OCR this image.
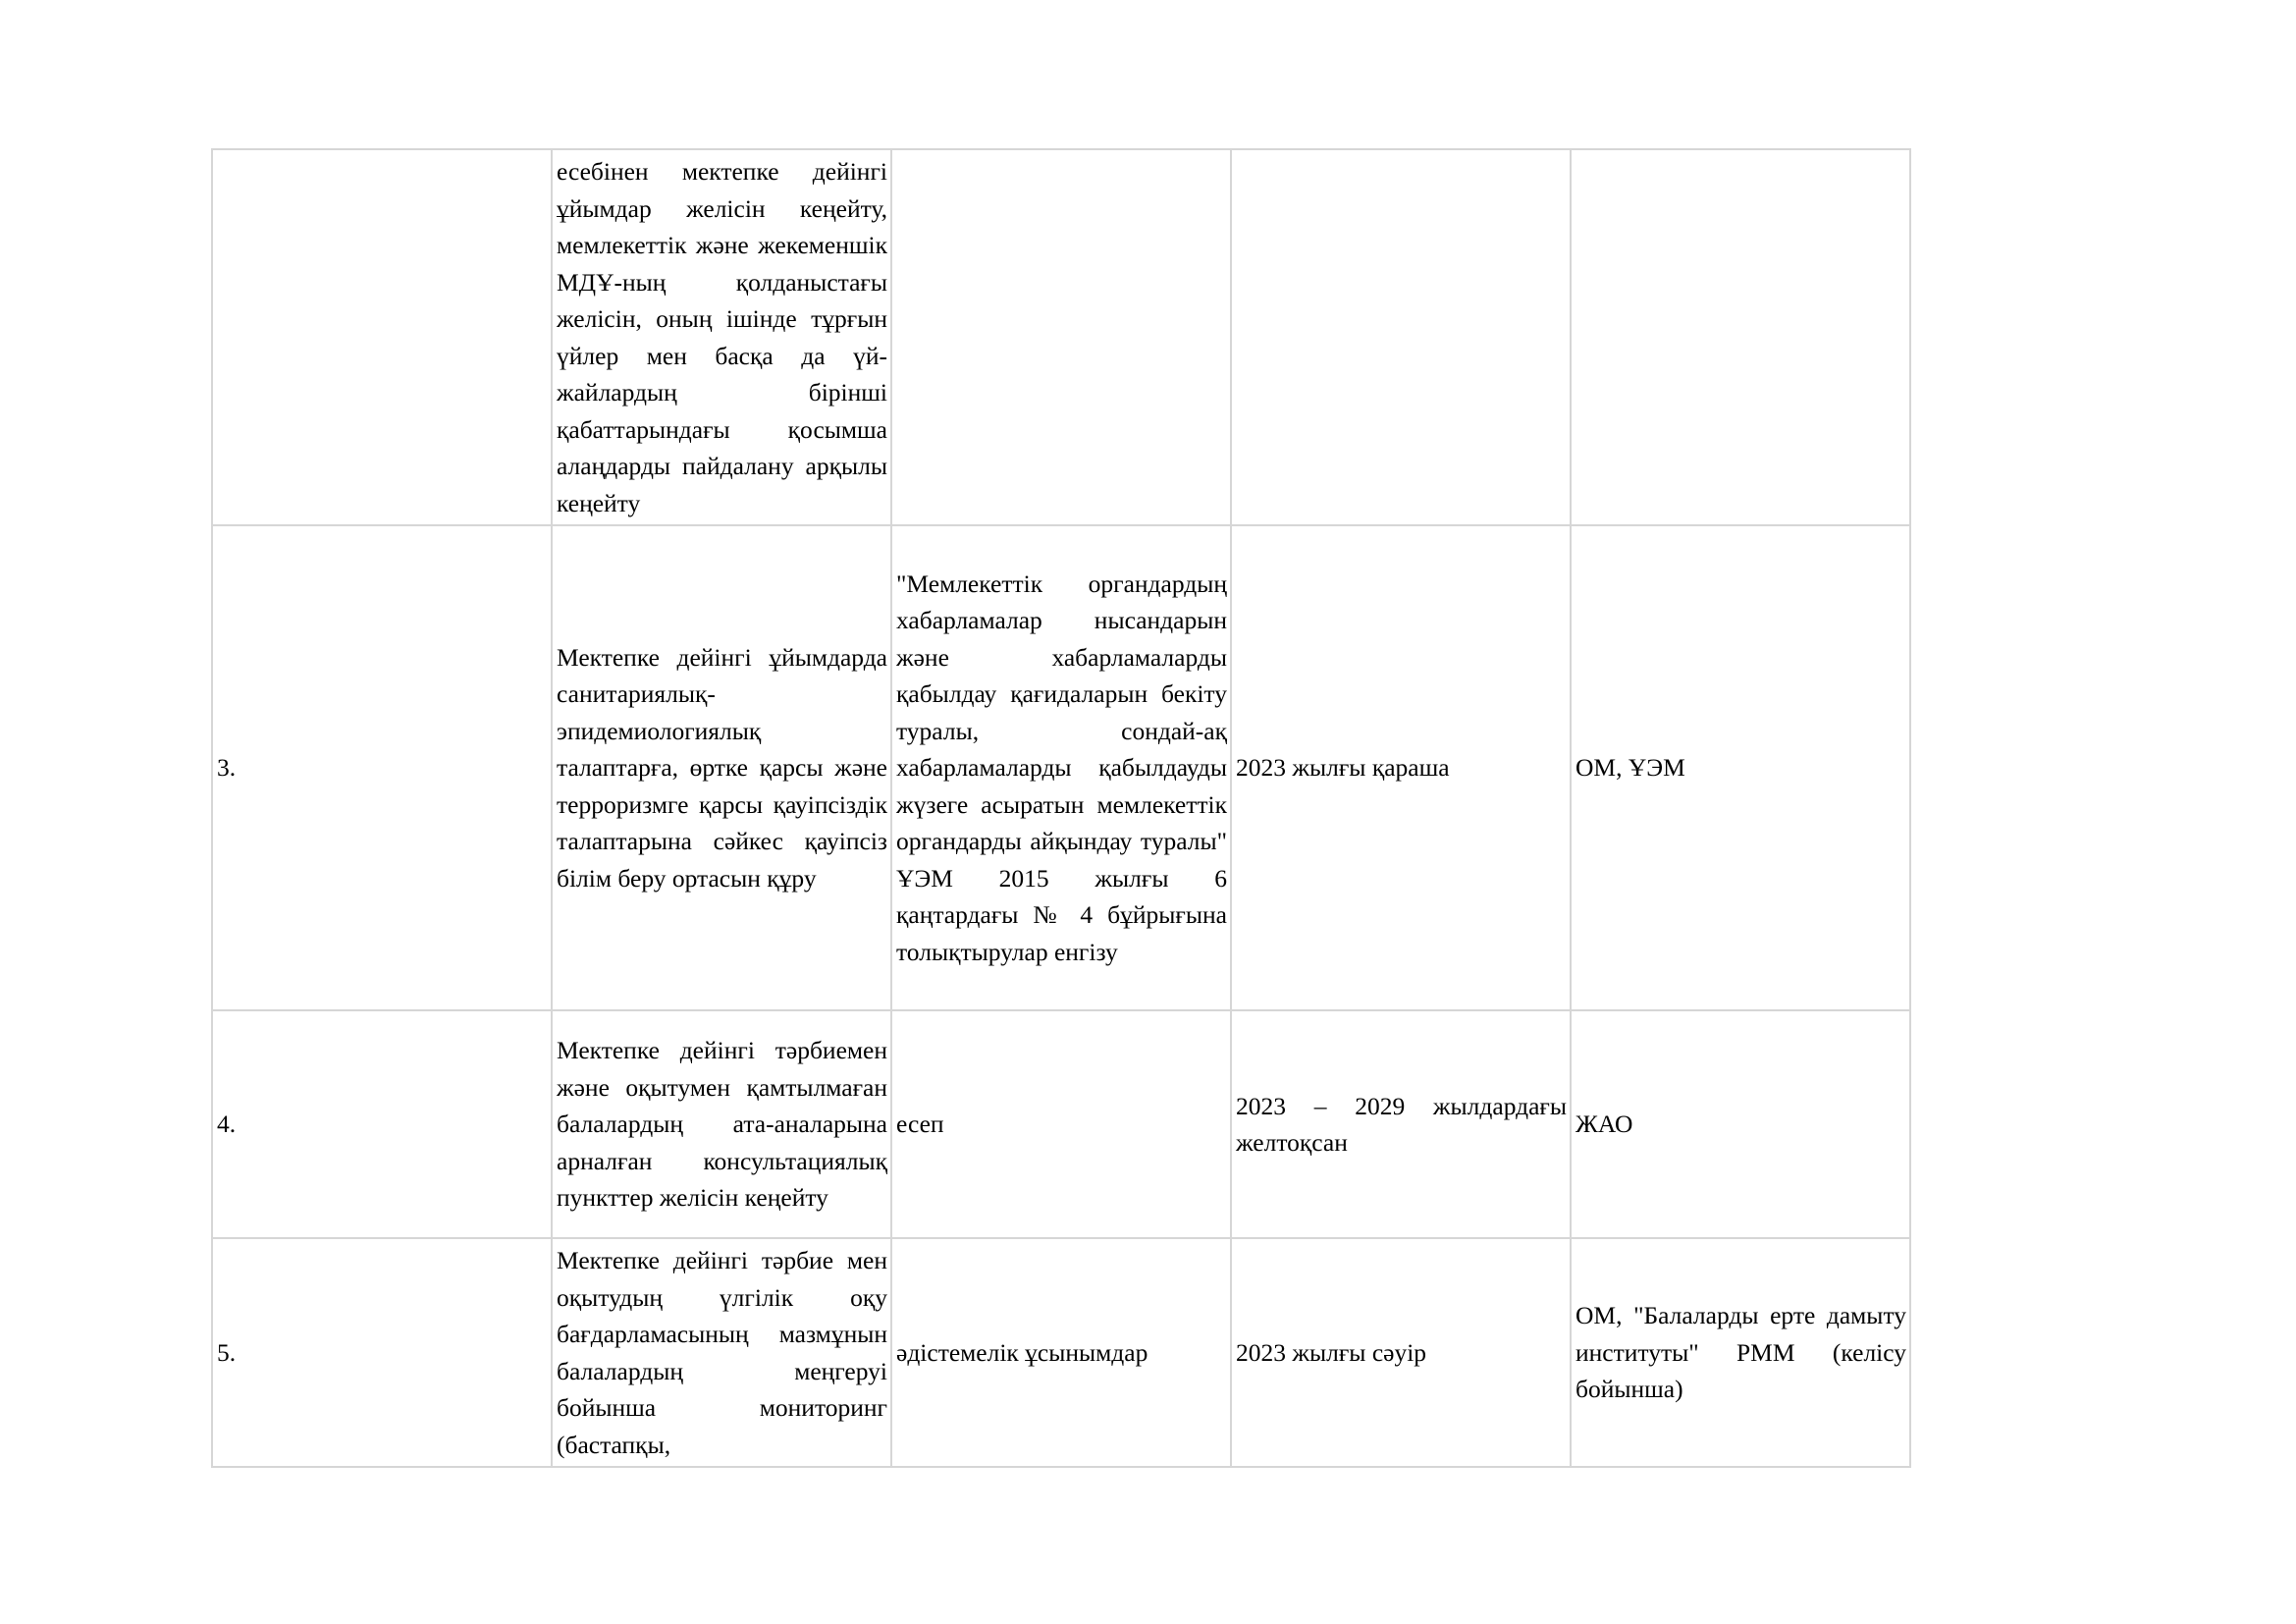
	есебінен мектепке дейінгі ұйымдар желісін кеңейту, мемлекеттік және жекеменшік МДҰ-ның қолданыстағы желісін, оның ішінде тұрғын үйлер мен басқа да үй-жайлардың бірінші қабаттарындағы қосымша алаңдарды пайдалану арқылы кеңейту			
3.	Мектепке дейінгі ұйымдарда санитариялық-эпидемиологиялық талаптарға, өртке қарсы және терроризмге қарсы қауіпсіздік талаптарына сәйкес қауіпсіз білім беру ортасын құру	"Мемлекеттік органдардың хабарламалар нысандарын және хабарламаларды қабылдау қағидаларын бекіту туралы, сондай-ақ хабарламаларды қабылдауды жүзеге асыратын мемлекеттік органдарды айқындау туралы" ҰЭМ 2015 жылғы 6 қаңтардағы № 4 бұйрығына толықтырулар енгізу	2023 жылғы қараша	ОМ, ҰЭМ
4.	Мектепке дейінгі тәрбиемен және оқытумен қамтылмаған балалардың ата-аналарына арналған консультациялық пункттер желісін кеңейту	есеп	2023 – 2029 жылдардағы желтоқсан	ЖАО
5.	Мектепке дейінгі тәрбие мен оқытудың үлгілік оқу бағдарламасының мазмұнын балалардың меңгеруі бойынша мониторинг (бастапқы,	әдістемелік ұсынымдар	2023 жылғы сәуір	ОМ, "Балаларды ерте дамыту институты" РММ (келісу бойынша)
